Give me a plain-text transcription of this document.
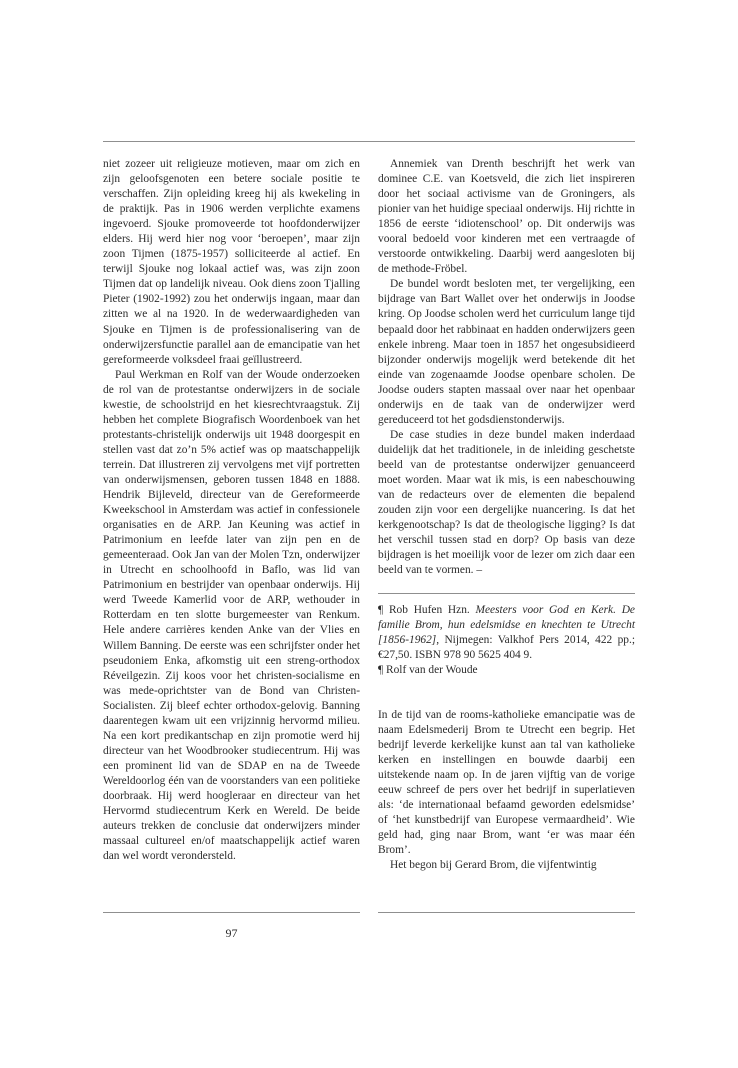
niet zozeer uit religieuze motieven, maar om zich en zijn geloofsgenoten een betere sociale positie te verschaffen. Zijn opleiding kreeg hij als kwekeling in de praktijk. Pas in 1906 werden verplichte examens ingevoerd. Sjouke promoveerde tot hoofdonderwijzer elders. Hij werd hier nog voor ‘beroepen’, maar zijn zoon Tijmen (1875-1957) solliciteerde al actief. En terwijl Sjouke nog lokaal actief was, was zijn zoon Tijmen dat op landelijk niveau. Ook diens zoon Tjalling Pieter (1902-1992) zou het onderwijs ingaan, maar dan zitten we al na 1920. In de wederwaardigheden van Sjouke en Tijmen is de professionalisering van de onderwijzersfunctie parallel aan de emancipatie van het gereformeerde volksdeel fraai geïllustreerd.

Paul Werkman en Rolf van der Woude onderzoeken de rol van de protestantse onderwijzers in de sociale kwestie, de schoolstrijd en het kiesrechtvraagstuk. Zij hebben het complete Biografisch Woordenboek van het protestants-christelijk onderwijs uit 1948 doorgespit en stellen vast dat zo’n 5% actief was op maatschappelijk terrein. Dat illustreren zij vervolgens met vijf portretten van onderwijsmensen, geboren tussen 1848 en 1888. Hendrik Bijleveld, directeur van de Gereformeerde Kweekschool in Amsterdam was actief in confessionele organisaties en de ARP. Jan Keuning was actief in Patrimonium en leefde later van zijn pen en de gemeenteraad. Ook Jan van der Molen Tzn, onderwijzer in Utrecht en schoolhoofd in Baflo, was lid van Patrimonium en bestrijder van openbaar onderwijs. Hij werd Tweede Kamerlid voor de ARP, wethouder in Rotterdam en ten slotte burgemeester van Renkum. Hele andere carrières kenden Anke van der Vlies en Willem Banning. De eerste was een schrijfster onder het pseudoniem Enka, afkomstig uit een streng-orthodox Réveilgezin. Zij koos voor het christen-socialisme en was mede-oprichtster van de Bond van Christen-Socialisten. Zij bleef echter orthodox-gelovig. Banning daarentegen kwam uit een vrijzinnig hervormd milieu. Na een kort predikantschap en zijn promotie werd hij directeur van het Woodbrooker studiecentrum. Hij was een prominent lid van de SDAP en na de Tweede Wereldoorlog één van de voorstanders van een politieke doorbraak. Hij werd hoogleraar en directeur van het Hervormd studiecentrum Kerk en Wereld. De beide auteurs trekken de conclusie dat onderwijzers minder massaal cultureel en/of maatschappelijk actief waren dan wel wordt verondersteld.

Annemiek van Drenth beschrijft het werk van dominee C.E. van Koetsveld, die zich liet inspireren door het sociaal activisme van de Groningers, als pionier van het huidige speciaal onderwijs. Hij richtte in 1856 de eerste ‘idiotenschool’ op. Dit onderwijs was vooral bedoeld voor kinderen met een vertraagde of verstoorde ontwikkeling. Daarbij werd aangesloten bij de methode-Fröbel.

De bundel wordt besloten met, ter vergelijking, een bijdrage van Bart Wallet over het onderwijs in Joodse kring. Op Joodse scholen werd het curriculum lange tijd bepaald door het rabbinaat en hadden onderwijzers geen enkele inbreng. Maar toen in 1857 het ongesubsidieerd bijzonder onderwijs mogelijk werd betekende dit het einde van zogenaamde Joodse openbare scholen. De Joodse ouders stapten massaal over naar het openbaar onderwijs en de taak van de onderwijzer werd gereduceerd tot het godsdienstonderwijs.

De case studies in deze bundel maken inderdaad duidelijk dat het traditionele, in de inleiding geschetste beeld van de protestantse onderwijzer genuanceerd moet worden. Maar wat ik mis, is een nabeschouwing van de redacteurs over de elementen die bepalend zouden zijn voor een dergelijke nuancering. Is dat het kerkgenootschap? Is dat de theologische ligging? Is dat het verschil tussen stad en dorp? Op basis van deze bijdragen is het moeilijk voor de lezer om zich daar een beeld van te vormen. –

¶ Rob Hufen Hzn. Meesters voor God en Kerk. De familie Brom, hun edelsmidse en knechten te Utrecht [1856-1962], Nijmegen: Valkhof Pers 2014, 422 pp.; €27,50. ISBN 978 90 5625 404 9.

¶ Rolf van der Woude

In de tijd van de rooms-katholieke emancipatie was de naam Edelsmederij Brom te Utrecht een begrip. Het bedrijf leverde kerkelijke kunst aan tal van katholieke kerken en instellingen en bouwde daarbij een uitstekende naam op. In de jaren vijftig van de vorige eeuw schreef de pers over het bedrijf in superlatieven als: ‘de internationaal befaamd geworden edelsmidse’ of ‘het kunstbedrijf van Europese vermaardheid’. Wie geld had, ging naar Brom, want ‘er was maar één Brom’.

Het begon bij Gerard Brom, die vijfentwintig

97
